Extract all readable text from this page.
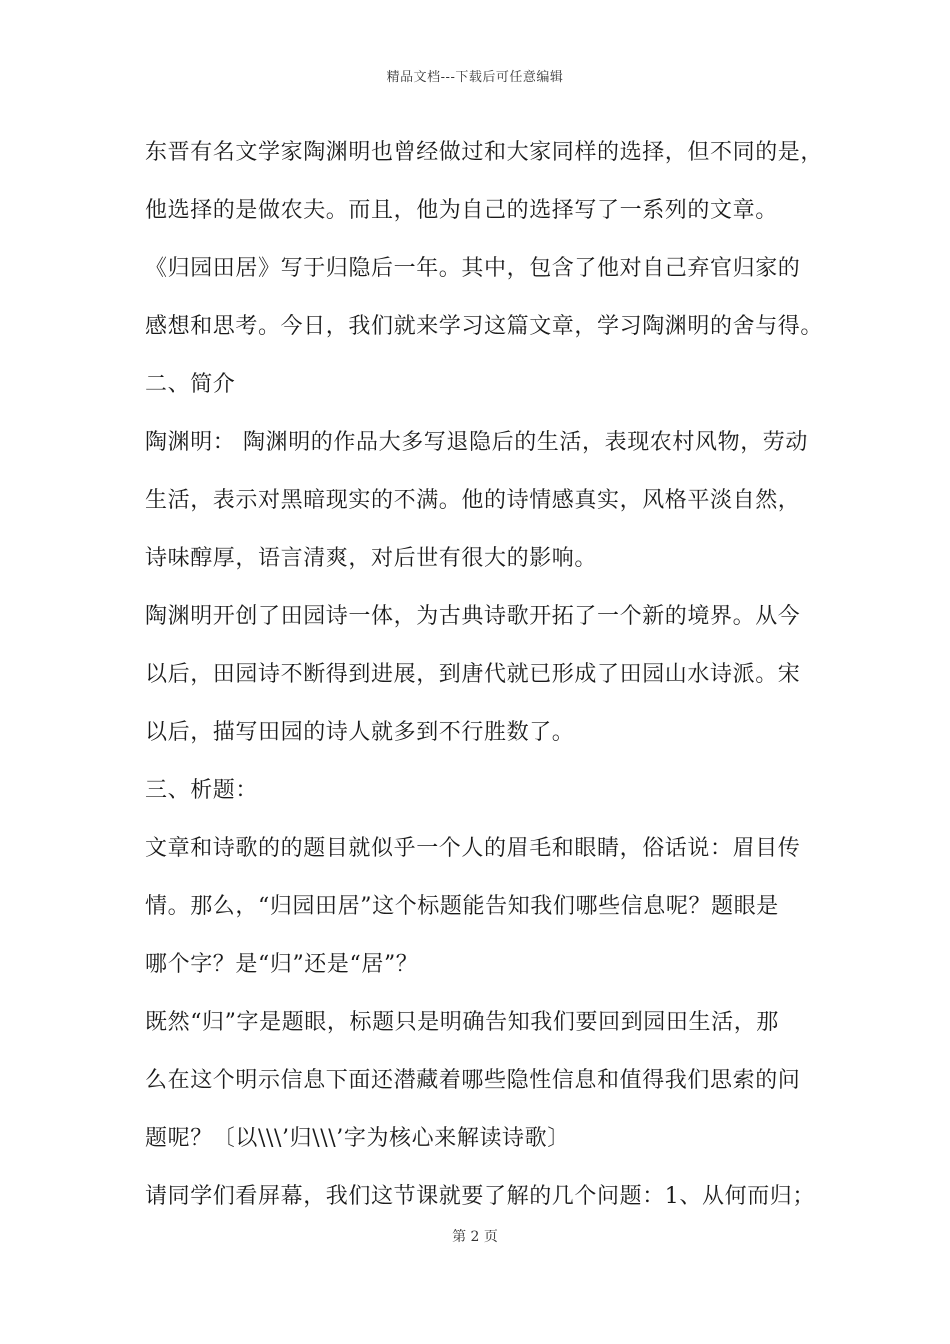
精品文档---下载后可任意编辑
东晋有名文学家陶渊明也曾经做过和大家同样的选择，但不同的是，
他选择的是做农夫。而且，他为自己的选择写了一系列的文章。
《归园田居》写于归隐后一年。其中，包含了他对自己弃官归家的
感想和思考。今日，我们就来学习这篇文章，学习陶渊明的舍与得。
二、简介
陶渊明： 陶渊明的作品大多写退隐后的生活，表现农村风物，劳动
生活，表示对黑暗现实的不满。他的诗情感真实，风格平淡自然，
诗味醇厚，语言清爽，对后世有很大的影响。
陶渊明开创了田园诗一体，为古典诗歌开拓了一个新的境界。从今
以后，田园诗不断得到进展，到唐代就已形成了田园山水诗派。宋
以后，描写田园的诗人就多到不行胜数了。
三、析题：
文章和诗歌的的题目就似乎一个人的眉毛和眼睛，俗话说：眉目传
情。那么，“归园田居”这个标题能告知我们哪些信息呢？题眼是
哪个字？是“归”还是“居”？
既然“归”字是题眼，标题只是明确告知我们要回到园田生活，那
么在这个明示信息下面还潜藏着哪些隐性信息和值得我们思索的问
题呢？〔以\\\’归\\\’字为核心来解读诗歌〕
请同学们看屏幕，我们这节课就要了解的几个问题：1、从何而归；
第 2 页
